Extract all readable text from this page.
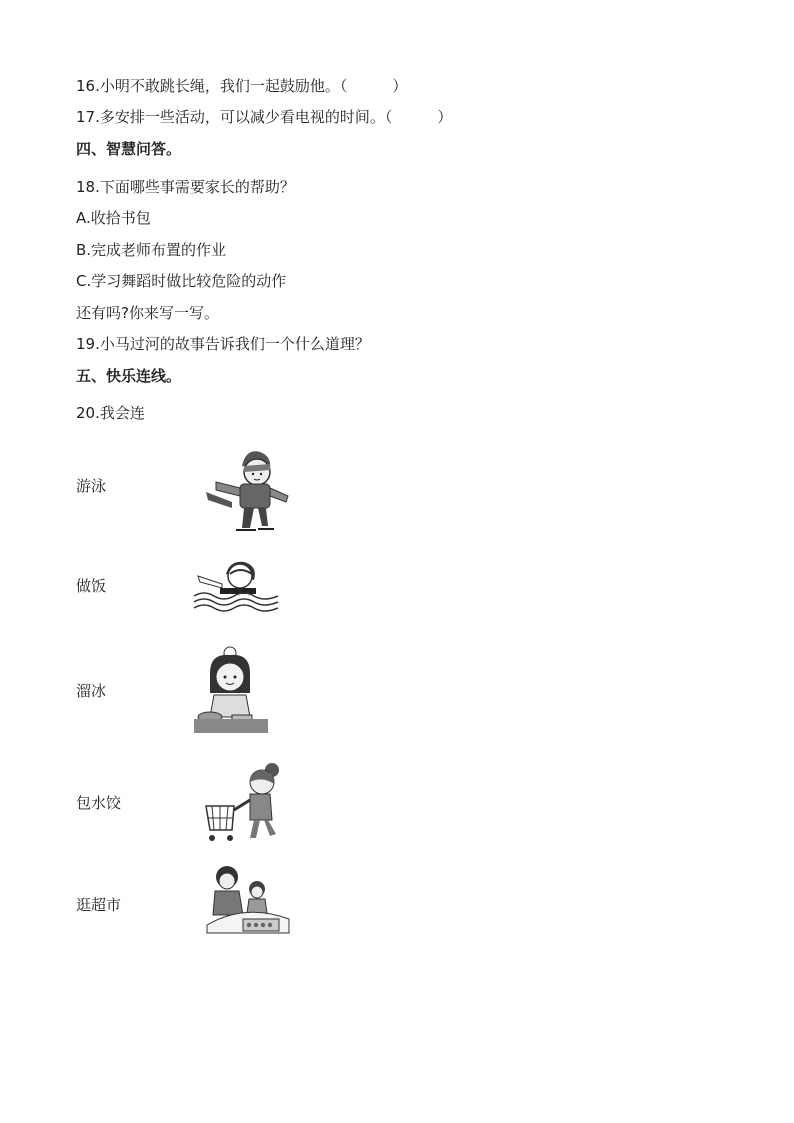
16.小明不敢跳长绳，我们一起鼓励他。（　　　）
17.多安排一些活动，可以减少看电视的时间。（　　　）
四、智慧问答。
18.下面哪些事需要家长的帮助？
A.收拾书包
B.完成老师布置的作业
C.学习舞蹈时做比较危险的动作
还有吗?你来写一写。
19.小马过河的故事告诉我们一个什么道理？
五、快乐连线。
20.我会连
游泳
做饭
溜冰
包水饺
逛超市
